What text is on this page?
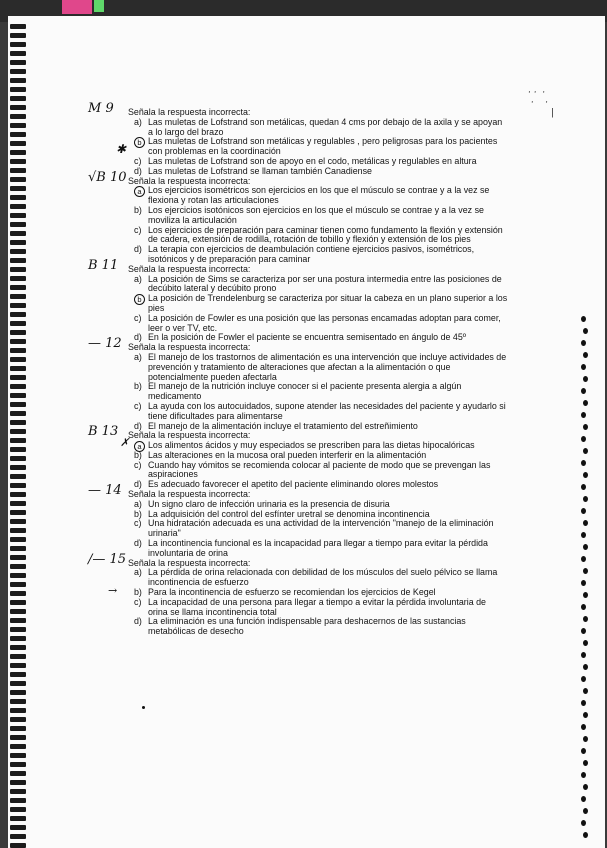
· ·  ·
·    ·
|
✱
✗
→
M 9 Señala la respuesta incorrecta:
a) Las muletas de Lofstrand son metálicas, quedan 4 cms por debajo de la axila y se apoyan a lo largo del brazo
b Las muletas de Lofstrand son metálicas y regulables , pero peligrosas para los pacientes con problemas en la coordinación
c) Las muletas de Lofstrand son de apoyo en el codo, metálicas y regulables en altura
d) Las muletas de Lofstrand se llaman también Canadiense
√B 10 Señala la respuesta incorrecta:
a Los ejercicios isométricos son ejercicios en los que el músculo se contrae y a la vez se flexiona y rotan las articulaciones
b) Los ejercicios isotónicos son ejercicios en los que el músculo se contrae y a la vez se moviliza la articulación
c) Los ejercicios de preparación para caminar tienen como fundamento la flexión y extensión de cadera, extensión de rodilla, rotación de tobillo y flexión y extensión de los pies
d) La terapia con ejercicios de deambulación contiene ejercicios pasivos, isométricos, isotónicos y de preparación para caminar
B 11 Señala la respuesta incorrecta:
a) La posición de Sims se caracteriza por ser una postura intermedia entre las posiciones de decúbito lateral y decúbito prono
b La posición de Trendelenburg se caracteriza por situar la cabeza en un plano superior a los pies
c) La posición de Fowler es una posición que las personas encamadas adoptan para comer, leer o ver TV, etc.
d) En la posición de Fowler el paciente se encuentra semisentado en ángulo de 45º
— 12 Señala la respuesta incorrecta:
a) El manejo de los trastornos de alimentación es una intervención que incluye actividades de prevención y tratamiento de alteraciones que afectan a la alimentación o que potencialmente pueden afectarla
b) El manejo de la nutrición incluye conocer si el paciente presenta alergia a algún medicamento
c) La ayuda con los autocuidados, supone atender las necesidades del paciente y ayudarlo si tiene dificultades para alimentarse
d) El manejo de la alimentación incluye el tratamiento del estreñimiento
B 13 Señala la respuesta incorrecta:
a Los alimentos ácidos y muy especiados se prescriben para las dietas hipocalóricas
b) Las alteraciones en la mucosa oral pueden interferir en la alimentación
c) Cuando hay vómitos se recomienda colocar al paciente de modo que se prevengan las aspiraciones
d) Es adecuado favorecer el apetito del paciente eliminando olores molestos
— 14 Señala la respuesta incorrecta:
a) Un signo claro de infección urinaria es la presencia de disuria
b) La adquisición del control del esfínter uretral se denomina incontinencia
c) Una hidratación adecuada es una actividad de la intervención "manejo de la eliminación urinaria"
d) La incontinencia funcional es la incapacidad para llegar a tiempo para evitar la pérdida involuntaria de orina
/— 15 Señala la respuesta incorrecta:
a) La pérdida de orina relacionada con debilidad de los músculos del suelo pélvico se llama incontinencia de esfuerzo
b) Para la incontinencia de esfuerzo se recomiendan los ejercicios de Kegel
c) La incapacidad de una persona para llegar a tiempo a evitar la pérdida involuntaria de orina se llama incontinencia total
d) La eliminación es una función indispensable para deshacernos de las sustancias metabólicas de desecho
